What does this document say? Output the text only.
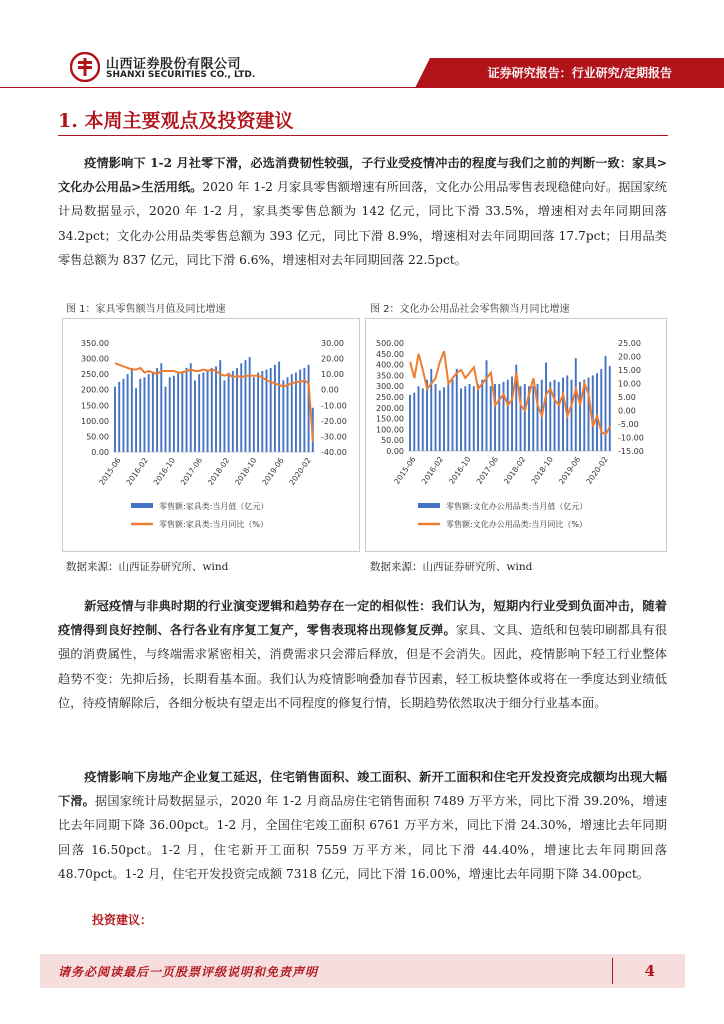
山西证券股份有限公司
SHANXI SECURITIES CO., LTD.	证券研究报告：行业研究/定期报告
1. 本周主要观点及投资建议
疫情影响下 1-2 月社零下滑，必选消费韧性较强，子行业受疫情冲击的程度与我们之前的判断一致：家具>文化办公用品>生活用纸。2020 年 1-2 月家具零售额增速有所回落，文化办公用品零售表现稳健向好。据国家统计局数据显示，2020 年 1-2 月，家具类零售总额为 142 亿元，同比下滑 33.5%，增速相对去年同期回落 34.2pct；文化办公用品类零售总额为 393 亿元，同比下滑 8.9%，增速相对去年同期回落 17.7pct；日用品类零售总额为 837 亿元，同比下滑 6.6%，增速相对去年同期回落 22.5pct。
图 1：家具零售额当月值及同比增速	图 2：文化办公用品社会零售额当月同比增速
350.00
300.00
250.00
200.00
150.00
100.00
50.00
0.00
30.00
20.00
10.00
0.00
-10.00
-20.00
-30.00
-40.00
2015-06 2016-02 2016-10 2017-06 2018-02 2018-10 2019-06 2020-02
零售额:家具类:当月值（亿元）
零售额:家具类:当月同比（%）
500.00
450.00
400.00
350.00
300.00
250.00
200.00
150.00
100.00
50.00
0.00
25.00
20.00
15.00
10.00
5.00
0.00
-5.00
-10.00
-15.00
2015-06 2016-02 2016-10 2017-06 2018-02 2018-10 2019-06 2020-02
零售额:文化办公用品类:当月值（亿元）
零售额:文化办公用品类:当月同比（%）
数据来源：山西证券研究所、wind	数据来源：山西证券研究所、wind
新冠疫情与非典时期的行业演变逻辑和趋势存在一定的相似性：我们认为，短期内行业受到负面冲击，随着疫情得到良好控制、各行各业有序复工复产，零售表现将出现修复反弹。家具、文具、造纸和包装印刷都具有很强的消费属性，与终端需求紧密相关，消费需求只会滞后释放，但是不会消失。因此，疫情影响下轻工行业整体趋势不变：先抑后扬，长期看基本面。我们认为疫情影响叠加春节因素，轻工板块整体或将在一季度达到业绩低位，待疫情解除后，各细分板块有望走出不同程度的修复行情，长期趋势依然取决于细分行业基本面。
疫情影响下房地产企业复工延迟，住宅销售面积、竣工面积、新开工面积和住宅开发投资完成额均出现大幅下滑。据国家统计局数据显示，2020 年 1-2 月商品房住宅销售面积 7489 万平方米，同比下滑 39.20%，增速比去年同期下降 36.00pct。1-2 月，全国住宅竣工面积 6761 万平方米，同比下滑 24.30%，增速比去年同期回落 16.50pct。1-2 月，住宅新开工面积 7559 万平方米，同比下滑 44.40%，增速比去年同期回落 48.70pct。1-2 月，住宅开发投资完成额 7318 亿元，同比下滑 16.00%，增速比去年同期下降 34.00pct。
投资建议：
请务必阅读最后一页股票评级说明和免责声明	4
